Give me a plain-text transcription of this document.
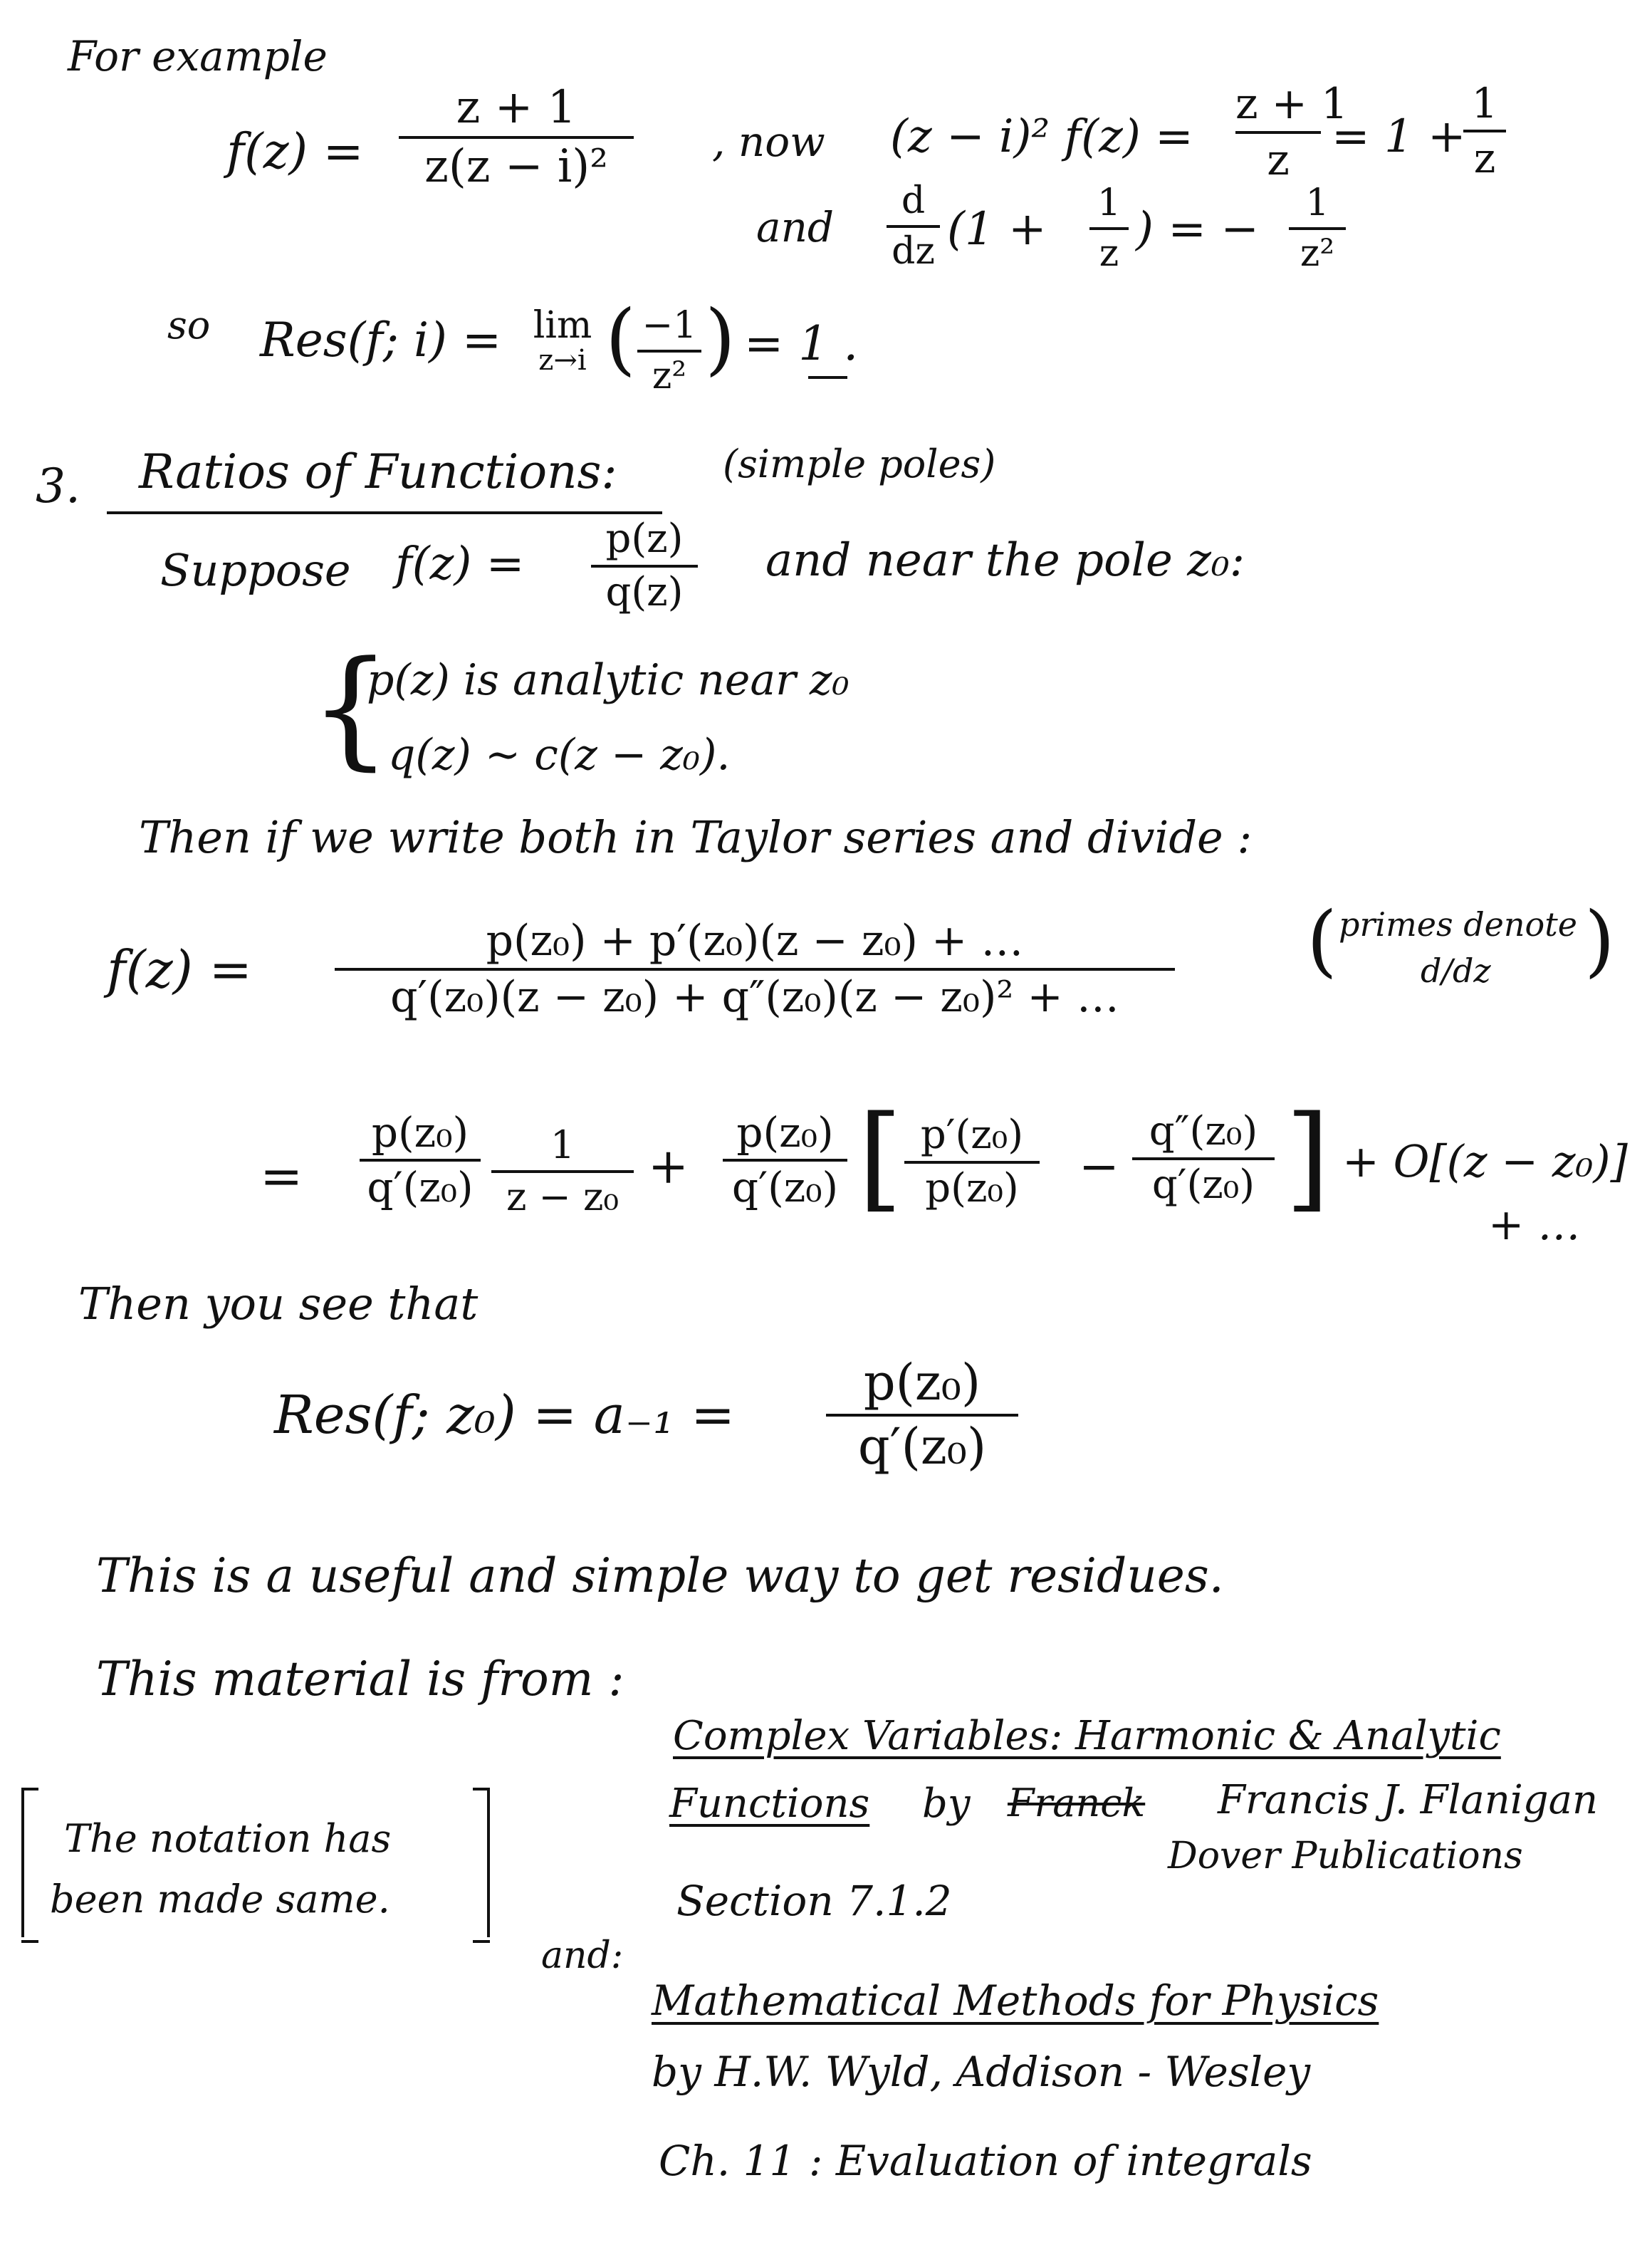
For example
f(z) =
z + 1
z(z − i)²	, now (z − i)² f(z) =
z + 1
z = 1 +
1
z
and
d
dz (1 + 1
z ) = −	1
z²
so Res(f; i) = lim
z→i ( −1
z² ) = 1 .
3. Ratios of Functions:	(simple poles)
Suppose f(z) =	p(z)
q(z)
and near the pole z₀:
{
p(z) is analytic near z₀
q(z) ∼ c(z − z₀).
Then if we write both in Taylor series and divide :
f(z) =	p(z₀) + p′(z₀)(z − z₀) + …
q′(z₀)(z − z₀) + q″(z₀)(z − z₀)² + …
( primes denote
d/dz )
=
p(z₀)
q′(z₀)
1
z − z₀
+
p(z₀)
q′(z₀) [ p′(z₀)
p(z₀)	−
q″(z₀)
q′(z₀) ] + O[(z − z₀)]
+ …
Then you see that
Res(f; z₀) = a₋₁ =
p(z₀)
q′(z₀)
This is a useful and simple way to get residues.
This material is from :
Complex Variables: Harmonic & Analytic
Functions by Franck Francis J. Flanigan
Dover Publications
Section 7.1.2
The notation has
been made same.
and:
Mathematical Methods for Physics
by H.W. Wyld, Addison - Wesley
Ch. 11 : Evaluation of integrals
